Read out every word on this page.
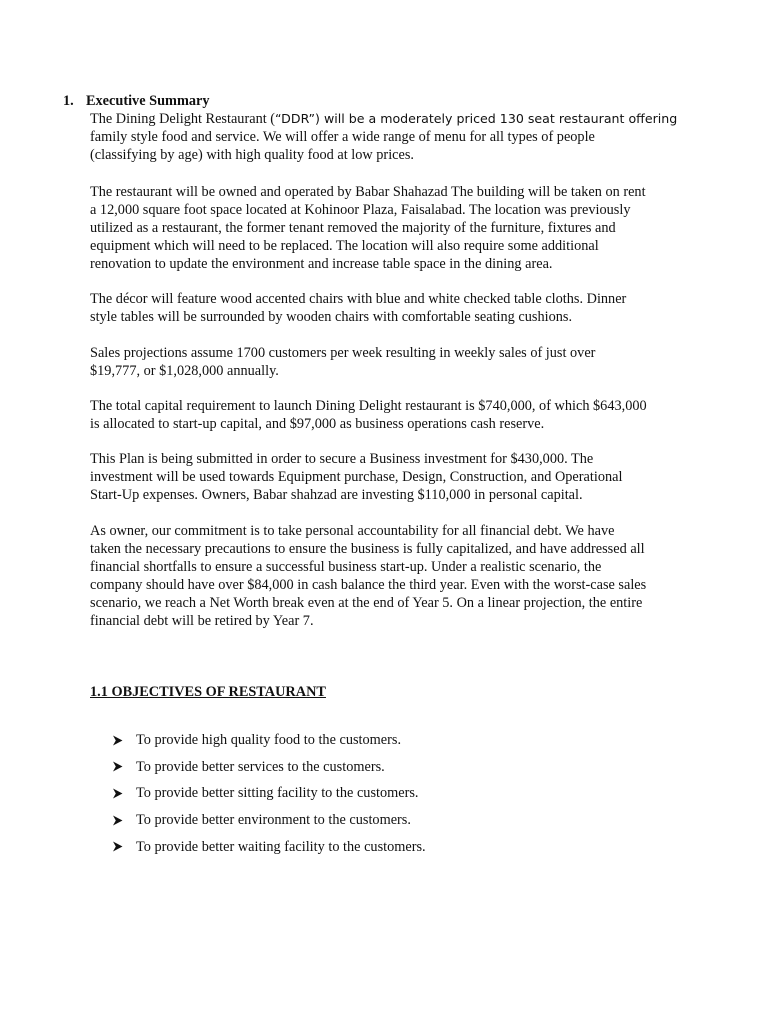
1. Executive Summary
The Dining Delight Restaurant (“DDR”) will be a moderately priced 130 seat restaurant offering
family style food and service. We will offer a wide range of menu for all types of people
(classifying by age) with high quality food at low prices.
The restaurant will be owned and operated by Babar Shahazad The building will be taken on rent
a 12,000 square foot space located at Kohinoor Plaza, Faisalabad. The location was previously
utilized as a restaurant, the former tenant removed the majority of the furniture, fixtures and
equipment which will need to be replaced. The location will also require some additional
renovation to update the environment and increase table space in the dining area.
The décor will feature wood accented chairs with blue and white checked table cloths. Dinner
style tables will be surrounded by wooden chairs with comfortable seating cushions.
Sales projections assume 1700 customers per week resulting in weekly sales of just over
$19,777, or $1,028,000 annually.
The total capital requirement to launch Dining Delight restaurant is $740,000, of which $643,000
is allocated to start-up capital, and $97,000 as business operations cash reserve.
This Plan is being submitted in order to secure a Business investment for $430,000. The
investment will be used towards Equipment purchase, Design, Construction, and Operational
Start-Up expenses. Owners, Babar shahzad are investing $110,000 in personal capital.
As owner, our commitment is to take personal accountability for all financial debt. We have
taken the necessary precautions to ensure the business is fully capitalized, and have addressed all
financial shortfalls to ensure a successful business start-up. Under a realistic scenario, the
company should have over $84,000 in cash balance the third year. Even with the worst-case sales
scenario, we reach a Net Worth break even at the end of Year 5. On a linear projection, the entire
financial debt will be retired by Year 7.
1.1 OBJECTIVES OF RESTAURANT
To provide high quality food to the customers.
To provide better services to the customers.
To provide better sitting facility to the customers.
To provide better environment to the customers.
To provide better waiting facility to the customers.
